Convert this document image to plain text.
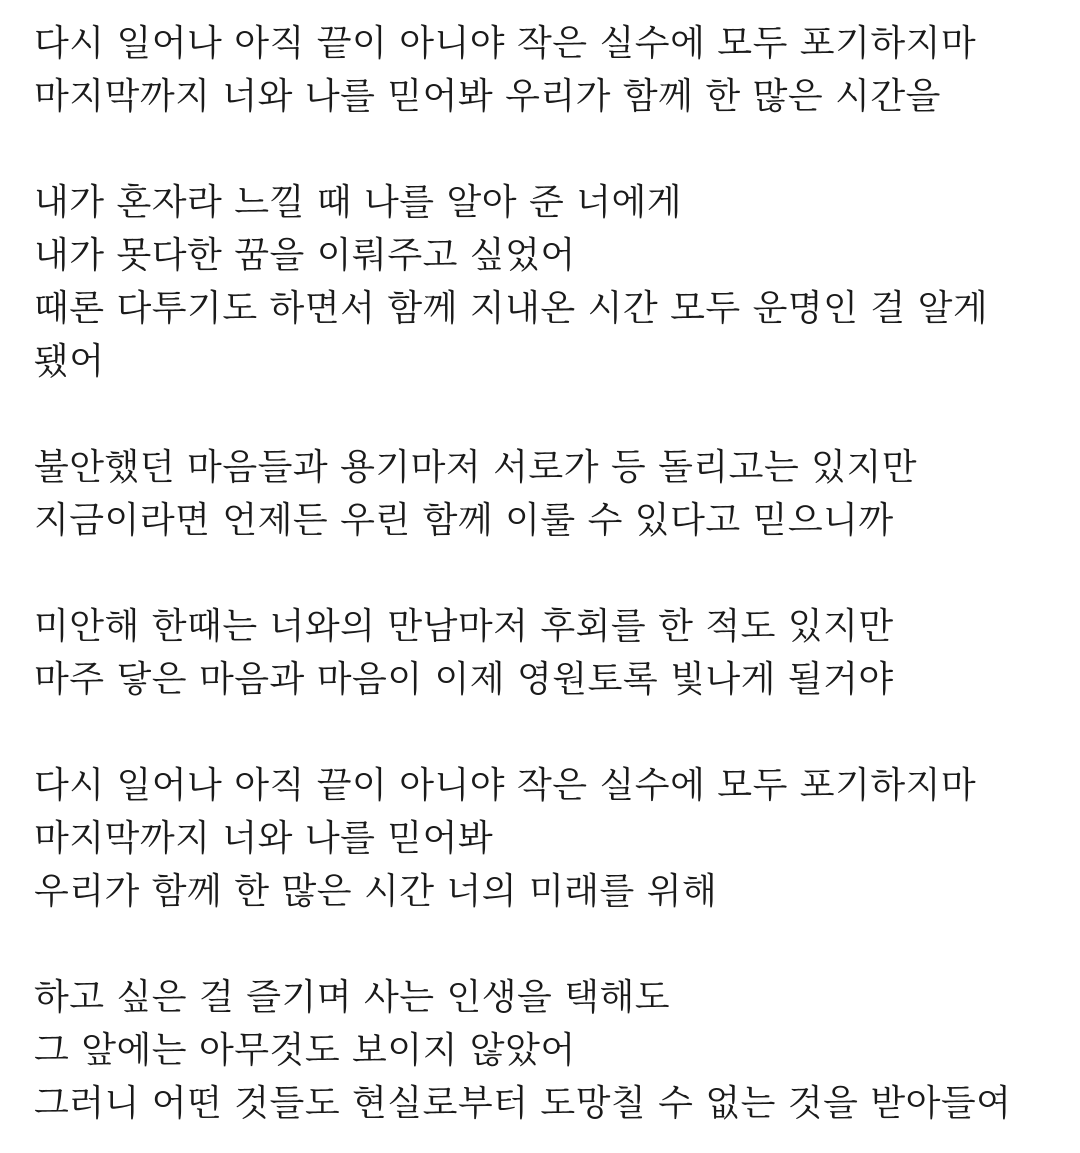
다시 일어나 아직 끝이 아니야 작은 실수에 모두 포기하지마
마지막까지 너와 나를 믿어봐 우리가 함께 한 많은 시간을
내가 혼자라 느낄 때 나를 알아 준 너에게
내가 못다한 꿈을 이뤄주고 싶었어
때론 다투기도 하면서 함께 지내온 시간 모두 운명인 걸 알게
됐어
불안했던 마음들과 용기마저 서로가 등 돌리고는 있지만
지금이라면 언제든 우린 함께 이룰 수 있다고 믿으니까
미안해 한때는 너와의 만남마저 후회를 한 적도 있지만
마주 닿은 마음과 마음이 이제 영원토록 빛나게 될거야
다시 일어나 아직 끝이 아니야 작은 실수에 모두 포기하지마
마지막까지 너와 나를 믿어봐
우리가 함께 한 많은 시간 너의 미래를 위해
하고 싶은 걸 즐기며 사는 인생을 택해도
그 앞에는 아무것도 보이지 않았어
그러니 어떤 것들도 현실로부터 도망칠 수 없는 것을 받아들여
